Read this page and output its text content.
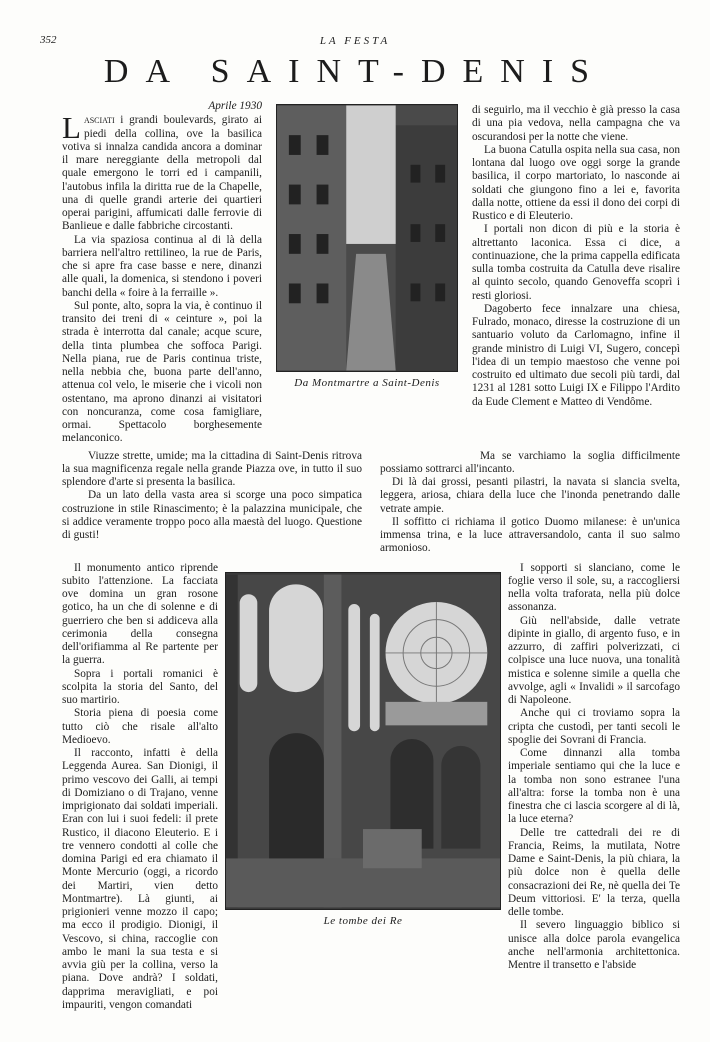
352	LA FESTA
DA SAINT-DENIS
Aprile 1930

Lasciati i grandi boulevards, girato ai piedi della collina, ove la basilica votiva si innalza candida ancora a dominar il mare nereggiante della metropoli dal quale emergono le torri ed i campanili, l'autobus infila la diritta rue de la Chapelle, una di quelle grandi arterie dei quartieri operai parigini, affumicati dalle ferrovie di Banlieue e dalle fabbriche circostanti.

La via spaziosa continua al di là della barriera nell'altro rettilineo, la rue de Paris, che si apre fra case basse e nere, dinanzi alle quali, la domenica, si stendono i poveri banchi della « foire à la ferraille ».

Sul ponte, alto, sopra la via, è continuo il transito dei treni di « ceinture », poi la strada è interrotta dal canale; acque scure, della tinta plumbea che soffoca Parigi. Nella piana, rue de Paris continua triste, nella nebbia che, buona parte dell'anno, attenua col velo, le miserie che i vicoli non ostentano, ma aprono dinanzi ai visitatori con noncuranza, come cosa famigliare, ormai. Spettacolo borghesemente melanconico.

Da Montmartre a Saint-Denis

di seguirlo, ma il vecchio è già presso la casa di una pia vedova, nella campagna che va oscurandosi per la notte che viene.

La buona Catulla ospita nella sua casa, non lontana dal luogo ove oggi sorge la grande basilica, il corpo martoriato, lo nasconde ai soldati che giungono fino a lei e, favorita dalla notte, ottiene da essi il dono dei corpi di Rustico e di Eleuterio.

I portali non dicon di più e la storia è altrettanto laconica. Essa ci dice, a continuazione, che la prima cappella edificata sulla tomba costruita da Catulla deve risalire al quinto secolo, quando Genoveffa scoprì i resti gloriosi.

Dagoberto fece innalzare una chiesa, Fulrado, monaco, diresse la costruzione di un santuario voluto da Carlomagno, infine il grande ministro di Luigi VI, Sugero, concepì l'idea di un tempio maestoso che venne poi costruito ed ultimato due secoli più tardi, dal 1231 al 1281 sotto Luigi IX e Filippo l'Ardito da Eude Clement e Matteo di Vendôme.

Viuzze strette, umide; ma la cittadina di Saint-Denis ritrova la sua magnificenza regale nella grande Piazza ove, in tutto il suo splendore d'arte si presenta la basilica.

Da un lato della vasta area si scorge una poco simpatica costruzione in stile Rinascimento; è la palazzina municipale, che si addice veramente troppo poco alla maestà del luogo. Questione di gusti!

Ma se varchiamo la soglia difficilmente possiamo sottrarci all'incanto.

Di là dai grossi, pesanti pilastri, la navata si slancia svelta, leggera, ariosa, chiara della luce che l'inonda penetrando dalle vetrate ampie.

Il soffitto ci richiama il gotico Duomo milanese: è un'unica immensa trina, e la luce attraversandolo, canta il suo salmo armonioso.

Il monumento antico riprende subito l'attenzione. La facciata ove domina un gran rosone gotico, ha un che di solenne e di guerriero che ben si addiceva alla cerimonia della consegna dell'orifiamma al Re partente per la guerra.

Sopra i portali romanici è scolpita la storia del Santo, del suo martirio.

Storia piena di poesia come tutto ciò che risale all'alto Medioevo.

Il racconto, infatti è della Leggenda Aurea. San Dionigi, il primo vescovo dei Galli, ai tempi di Domiziano o di Trajano, venne imprigionato dai soldati imperiali. Eran con lui i suoi fedeli: il prete Rustico, il diacono Eleuterio. E i tre vennero condotti al colle che domina Parigi ed era chiamato il Monte Mercurio (oggi, a ricordo dei Martiri, vien detto Montmartre). Là giunti, ai prigionieri venne mozzo il capo; ma ecco il prodigio. Dionigi, il Vescovo, si china, raccoglie con ambo le mani la sua testa e si avvia giù per la collina, verso la piana. Dove andrà? I soldati, dapprima meravigliati, e poi impauriti, vengon comandati

Le tombe dei Re

I sopporti si slanciano, come le foglie verso il sole, su, a raccogliersi nella volta traforata, nella più dolce assonanza.

Giù nell'abside, dalle vetrate dipinte in giallo, di argento fuso, e in azzurro, di zaffiri polverizzati, ci colpisce una luce nuova, una tonalità mistica e solenne simile a quella che avvolge, agli « Invalidi » il sarcofago di Napoleone.

Anche qui ci troviamo sopra la cripta che custodì, per tanti secoli le spoglie dei Sovrani di Francia.

Come dinnanzi alla tomba imperiale sentiamo qui che la luce e la tomba non sono estranee l'una all'altra: forse la tomba non è una finestra che ci lascia scorgere al di là, la luce eterna?

Delle tre cattedrali dei re di Francia, Reims, la mutilata, Notre Dame e Saint-Denis, la più chiara, la più dolce non è quella delle consacrazioni dei Re, nè quella dei Te Deum vittoriosi. E' la terza, quella delle tombe.

Il severo linguaggio biblico si unisce alla dolce parola evangelica anche nell'armonia architettonica. Mentre il transetto e l'abside
